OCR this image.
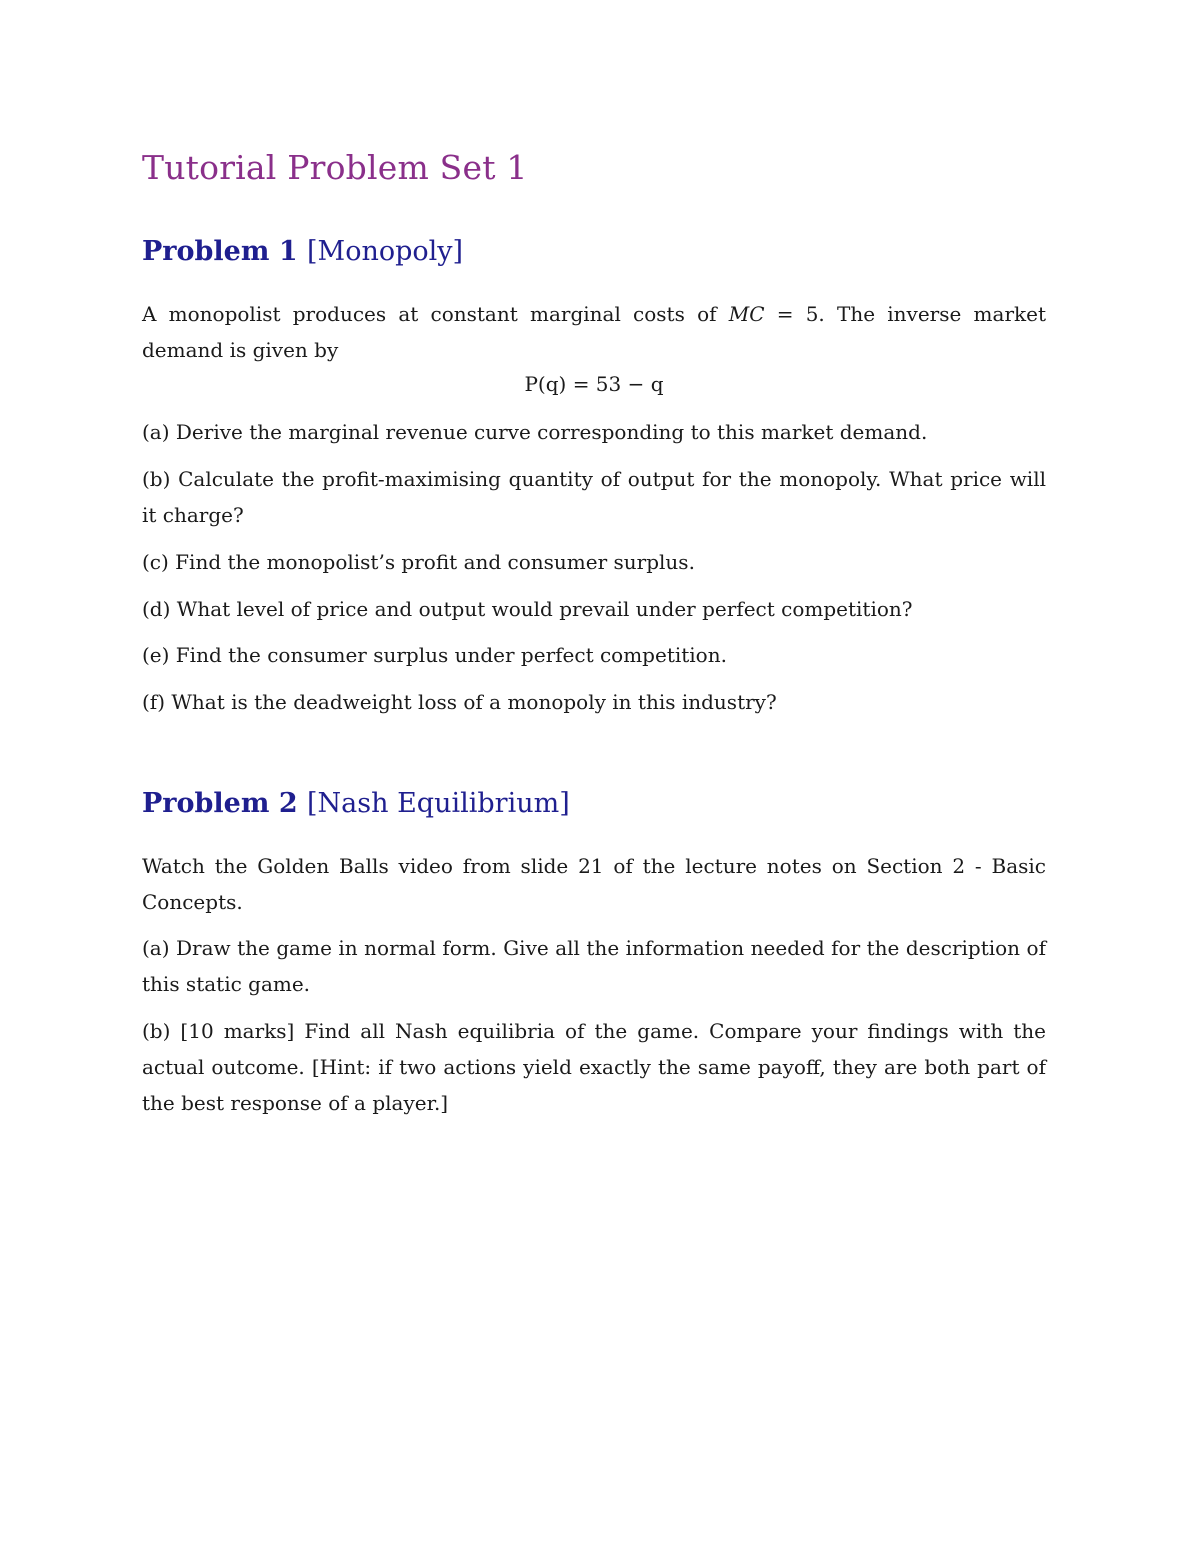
Tutorial Problem Set 1
Problem 1 [Monopoly]

A monopolist produces at constant marginal costs of MC = 5. The inverse market demand is given by

P(q) = 53 − q

(a) Derive the marginal revenue curve corresponding to this market demand.

(b) Calculate the profit-maximising quantity of output for the monopoly. What price will it charge?

(c) Find the monopolist’s profit and consumer surplus.

(d) What level of price and output would prevail under perfect competition?

(e) Find the consumer surplus under perfect competition.

(f) What is the deadweight loss of a monopoly in this industry?

Problem 2 [Nash Equilibrium]

Watch the Golden Balls video from slide 21 of the lecture notes on Section 2 - Basic Concepts.

(a) Draw the game in normal form. Give all the information needed for the description of this static game.

(b) [10 marks] Find all Nash equilibria of the game. Compare your findings with the actual outcome. [Hint: if two actions yield exactly the same payoff, they are both part of the best response of a player.]
